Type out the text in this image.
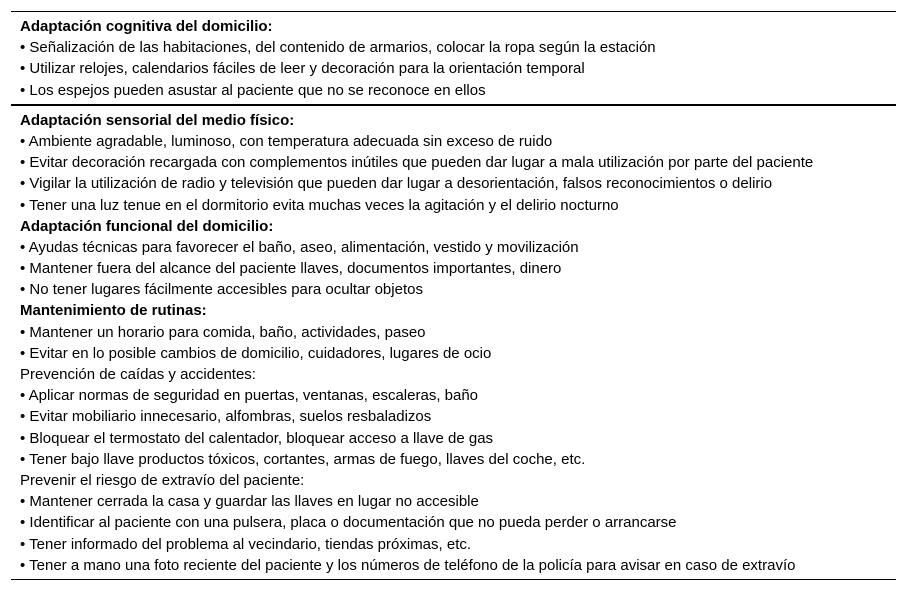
Adaptación cognitiva del domicilio:
• Señalización de las habitaciones, del contenido de armarios, colocar la ropa según la estación
• Utilizar relojes, calendarios fáciles de leer y decoración para la orientación temporal
• Los espejos pueden asustar al paciente que no se reconoce en ellos
Adaptación sensorial del medio físico:
• Ambiente agradable, luminoso, con temperatura adecuada sin exceso de ruido
• Evitar decoración recargada con complementos inútiles que pueden dar lugar a mala utilización por parte del paciente
• Vigilar la utilización de radio y televisión que pueden dar lugar a desorientación, falsos reconocimientos o delirio
• Tener una luz tenue en el dormitorio evita muchas veces la agitación y el delirio nocturno
Adaptación funcional del domicilio:
• Ayudas técnicas para favorecer el baño, aseo, alimentación, vestido y movilización
• Mantener fuera del alcance del paciente llaves, documentos importantes, dinero
• No tener lugares fácilmente accesibles para ocultar objetos
Mantenimiento de rutinas:
• Mantener un horario para comida, baño, actividades, paseo
• Evitar en lo posible cambios de domicilio, cuidadores, lugares de ocio
Prevención de caídas y accidentes:
• Aplicar normas de seguridad en puertas, ventanas, escaleras, baño
• Evitar mobiliario innecesario, alfombras, suelos resbaladizos
• Bloquear el termostato del calentador, bloquear acceso a llave de gas
• Tener bajo llave productos tóxicos, cortantes, armas de fuego, llaves del coche, etc.
Prevenir el riesgo de extravío del paciente:
• Mantener cerrada la casa y guardar las llaves en lugar no accesible
• Identificar al paciente con una pulsera, placa o documentación que no pueda perder o arrancarse
• Tener informado del problema al vecindario, tiendas próximas, etc.
• Tener a mano una foto reciente del paciente y los números de teléfono de la policía para avisar en caso de extravío
